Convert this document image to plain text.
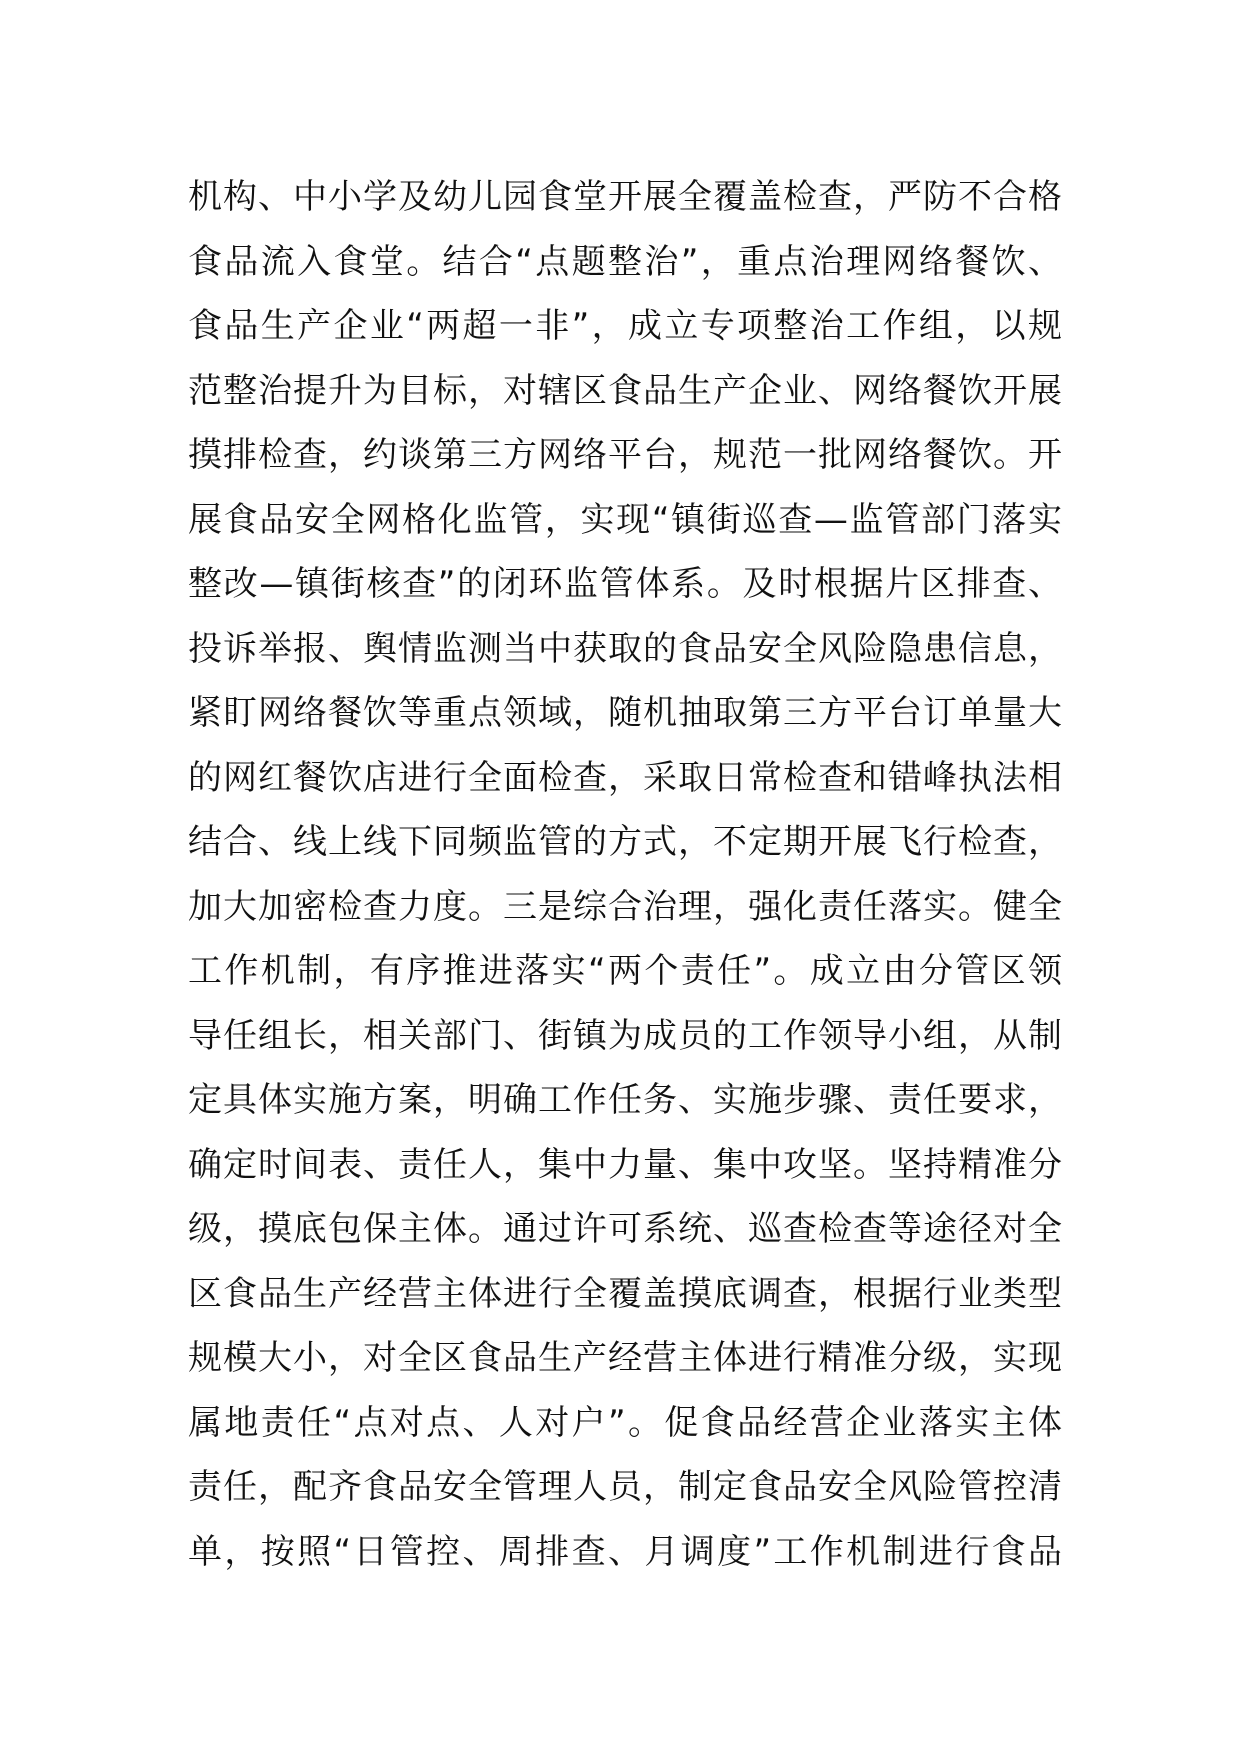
机构、中小学及幼儿园食堂开展全覆盖检查，严防不合格
食品流入食堂。结合“点题整治”，重点治理网络餐饮、
食品生产企业“两超一非”，成立专项整治工作组，以规
范整治提升为目标，对辖区食品生产企业、网络餐饮开展
摸排检查，约谈第三方网络平台，规范一批网络餐饮。开
展食品安全网格化监管，实现“镇街巡查—监管部门落实
整改—镇街核查”的闭环监管体系。及时根据片区排查、
投诉举报、舆情监测当中获取的食品安全风险隐患信息，
紧盯网络餐饮等重点领域，随机抽取第三方平台订单量大
的网红餐饮店进行全面检查，采取日常检查和错峰执法相
结合、线上线下同频监管的方式，不定期开展飞行检查，
加大加密检查力度。三是综合治理，强化责任落实。健全
工作机制，有序推进落实“两个责任”。成立由分管区领
导任组长，相关部门、街镇为成员的工作领导小组，从制
定具体实施方案，明确工作任务、实施步骤、责任要求，
确定时间表、责任人，集中力量、集中攻坚。坚持精准分
级，摸底包保主体。通过许可系统、巡查检查等途径对全
区食品生产经营主体进行全覆盖摸底调查，根据行业类型
规模大小，对全区食品生产经营主体进行精准分级，实现
属地责任“点对点、人对户”。促食品经营企业落实主体
责任，配齐食品安全管理人员，制定食品安全风险管控清
单，按照“日管控、周排查、月调度”工作机制进行食品
